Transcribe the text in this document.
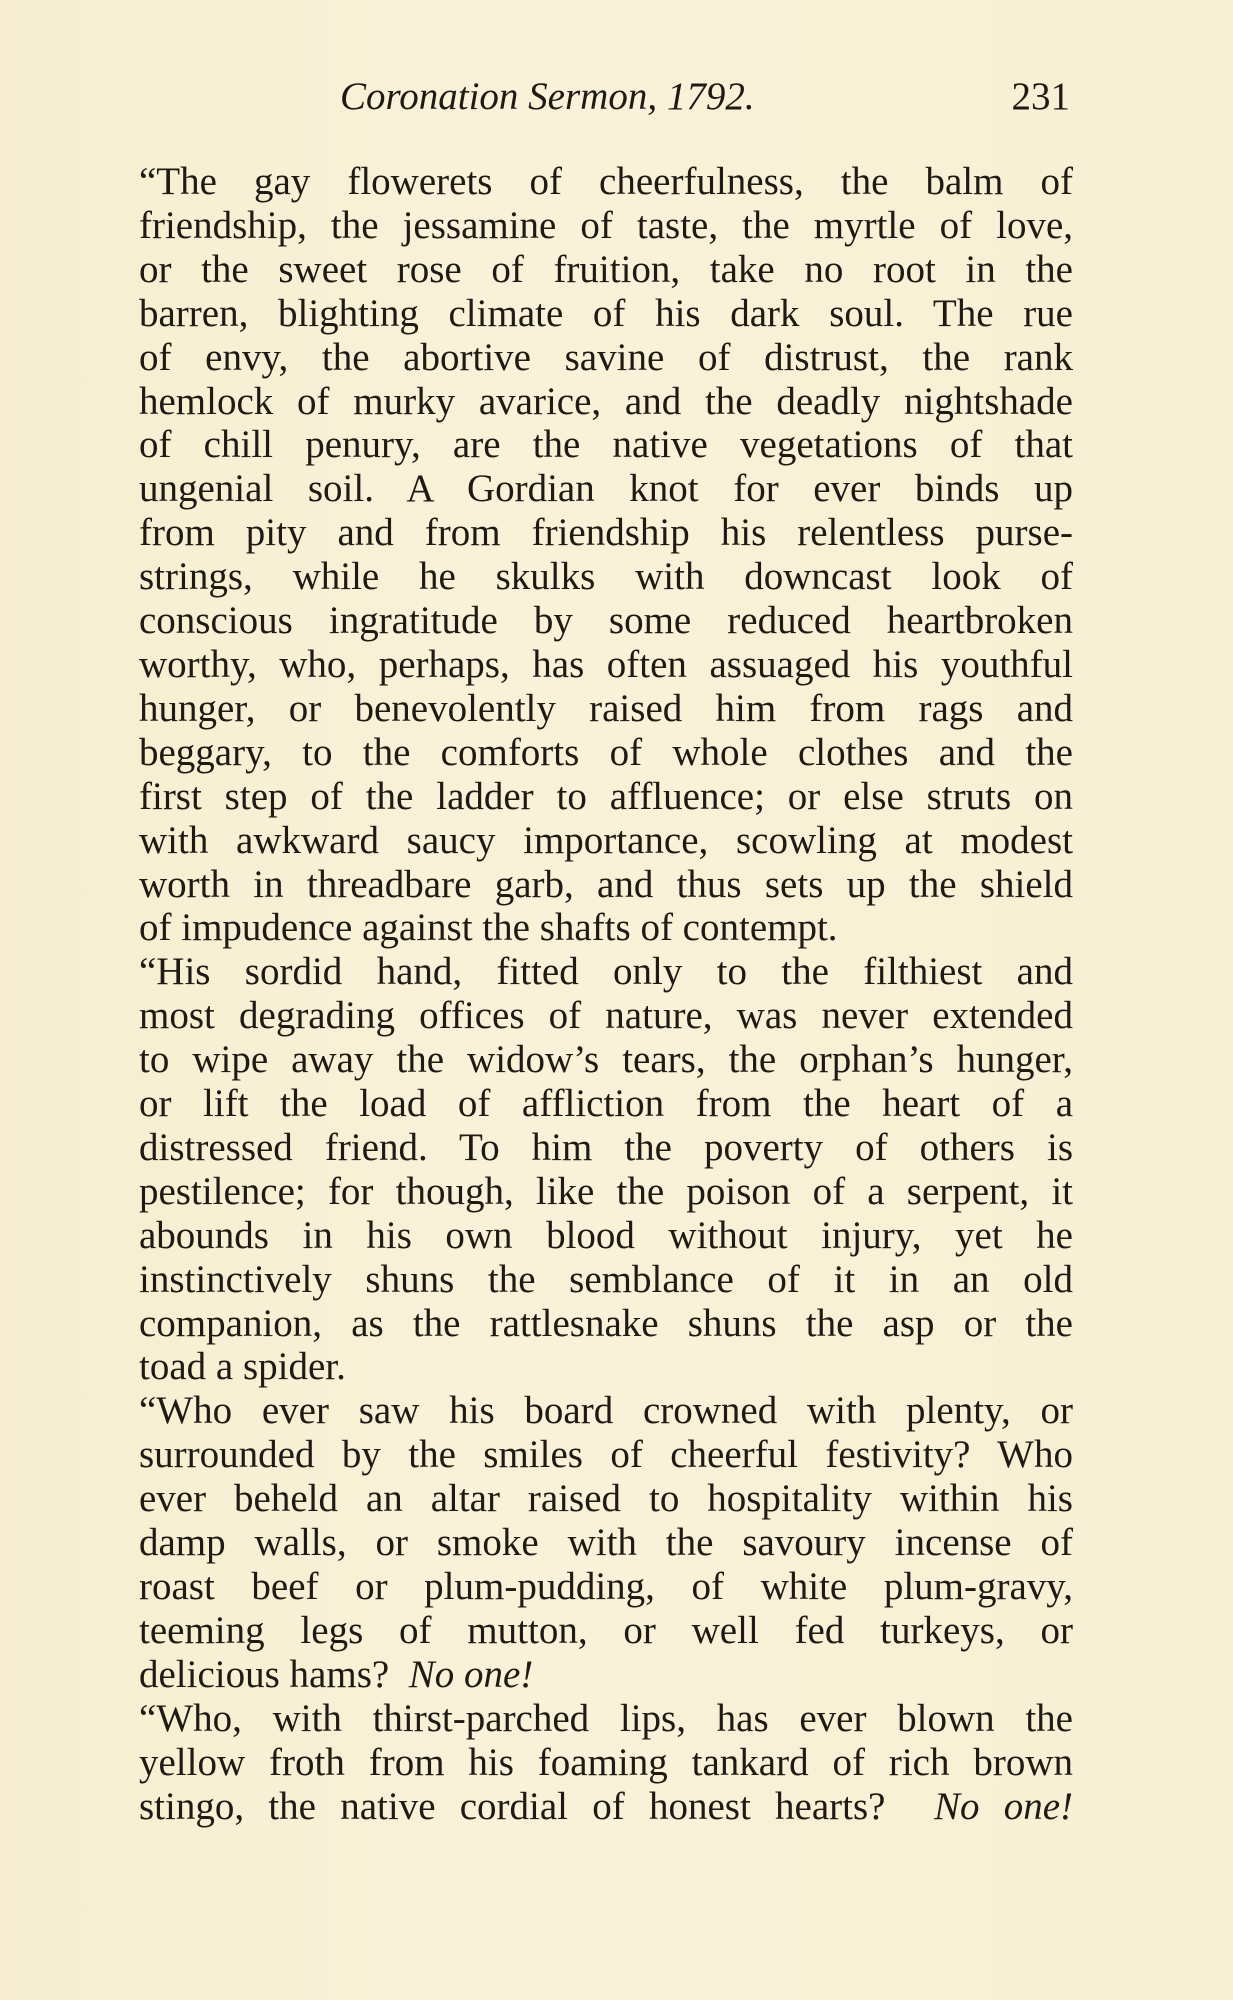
Coronation Sermon, 1792.	231

“The gay flowerets of cheerfulness, the balm of
friendship, the jessamine of taste, the myrtle of love,
or the sweet rose of fruition, take no root in the
barren, blighting climate of his dark soul. The rue
of envy, the abortive savine of distrust, the rank
hemlock of murky avarice, and the deadly nightshade
of chill penury, are the native vegetations of that
ungenial soil. A Gordian knot for ever binds up
from pity and from friendship his relentless purse-
strings, while he skulks with downcast look of
conscious ingratitude by some reduced heartbroken
worthy, who, perhaps, has often assuaged his youthful
hunger, or benevolently raised him from rags and
beggary, to the comforts of whole clothes and the
first step of the ladder to affluence; or else struts on
with awkward saucy importance, scowling at modest
worth in threadbare garb, and thus sets up the shield
of impudence against the shafts of contempt.

“His sordid hand, fitted only to the filthiest and
most degrading offices of nature, was never extended
to wipe away the widow’s tears, the orphan’s hunger,
or lift the load of affliction from the heart of a
distressed friend. To him the poverty of others is
pestilence; for though, like the poison of a serpent, it
abounds in his own blood without injury, yet he
instinctively shuns the semblance of it in an old
companion, as the rattlesnake shuns the asp or the
toad a spider.

“Who ever saw his board crowned with plenty, or
surrounded by the smiles of cheerful festivity? Who
ever beheld an altar raised to hospitality within his
damp walls, or smoke with the savoury incense of
roast beef or plum-pudding, of white plum-gravy,
teeming legs of mutton, or well fed turkeys, or
delicious hams? No one!

“Who, with thirst-parched lips, has ever blown the
yellow froth from his foaming tankard of rich brown
stingo, the native cordial of honest hearts? No one!
